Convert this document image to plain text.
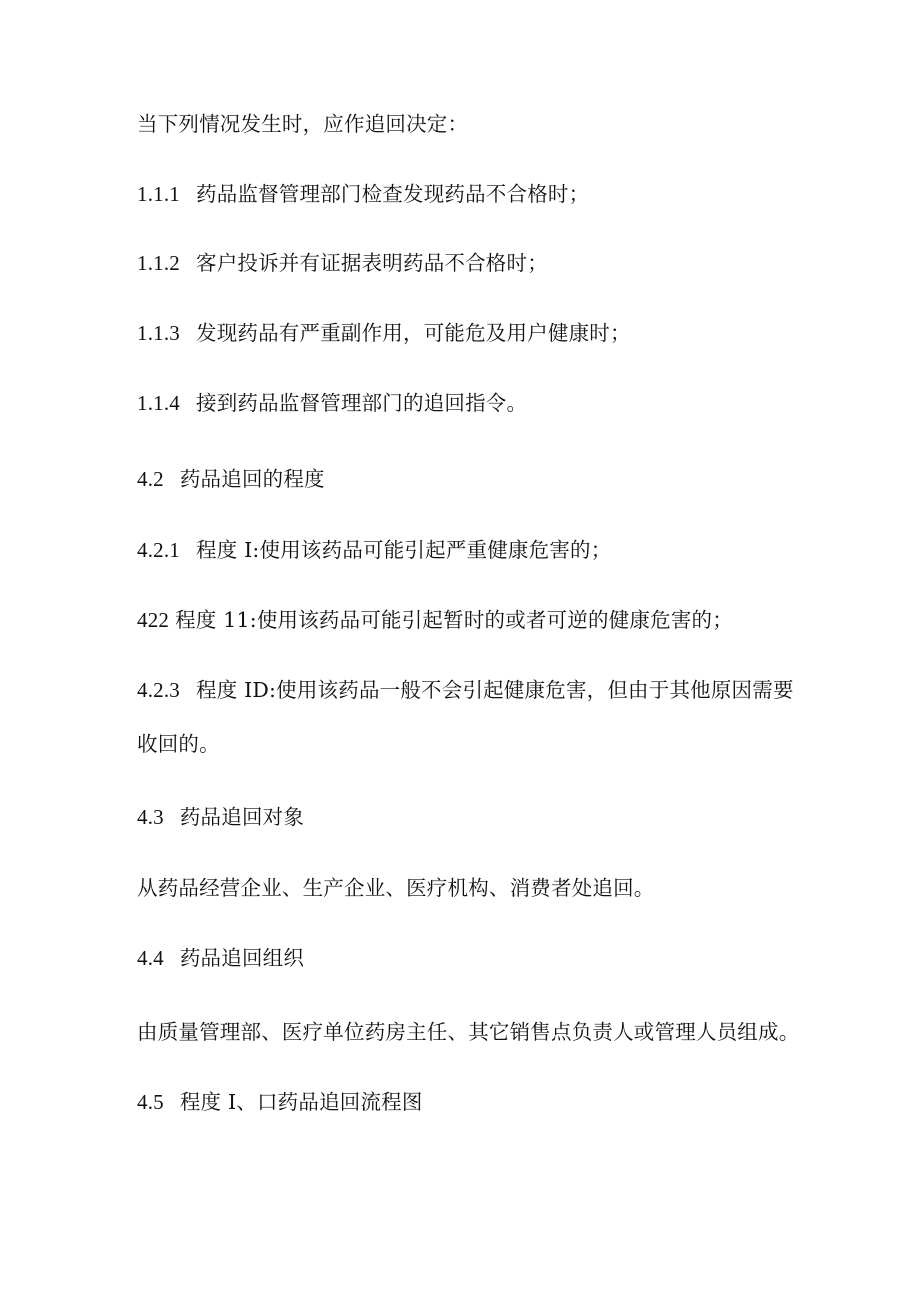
当下列情况发生时，应作追回决定：
1.1.1 药品监督管理部门检查发现药品不合格时；
1.1.2 客户投诉并有证据表明药品不合格时；
1.1.3 发现药品有严重副作用，可能危及用户健康时；
1.1.4 接到药品监督管理部门的追回指令。
4.2 药品追回的程度
4.2.1 程度 I:使用该药品可能引起严重健康危害的；
422 程度 11:使用该药品可能引起暂时的或者可逆的健康危害的；
4.2.3 程度 ID:使用该药品一般不会引起健康危害，但由于其他原因需要
收回的。
4.3 药品追回对象
从药品经营企业、生产企业、医疗机构、消费者处追回。
4.4 药品追回组织
由质量管理部、医疗单位药房主任、其它销售点负责人或管理人员组成。
4.5 程度 I、口药品追回流程图
